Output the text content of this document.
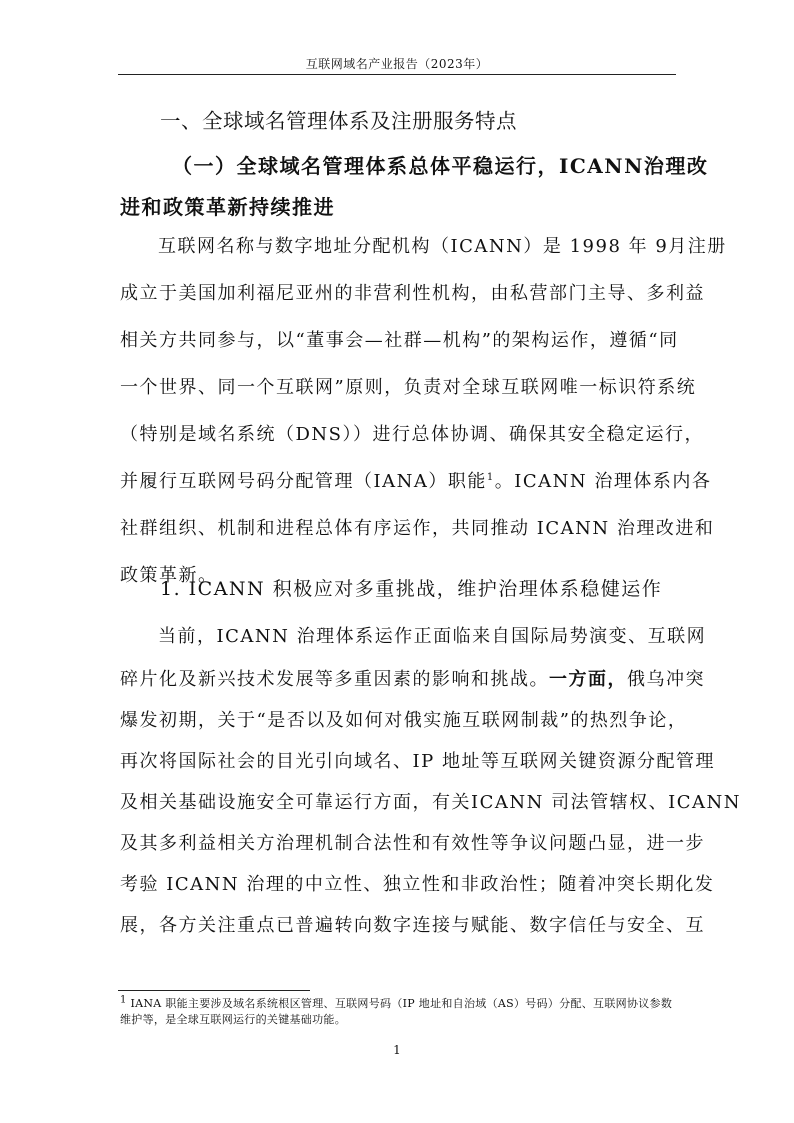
互联网域名产业报告（2023年）
一、全球域名管理体系及注册服务特点
（一）全球域名管理体系总体平稳运行，ICANN治理改
进和政策革新持续推进
互联网名称与数字地址分配机构（ICANN）是 1998 年 9月注册
成立于美国加利福尼亚州的非营利性机构，由私营部门主导、多利益
相关方共同参与，以“董事会—社群—机构”的架构运作，遵循“同
一个世界、同一个互联网”原则，负责对全球互联网唯一标识符系统
（特别是域名系统（DNS））进行总体协调、确保其安全稳定运行，
并履行互联网号码分配管理（IANA）职能$^1$。ICANN 治理体系内各
社群组织、机制和进程总体有序运作，共同推动 ICANN 治理改进和
政策革新。
1. ICANN 积极应对多重挑战，维护治理体系稳健运作
当前，ICANN 治理体系运作正面临来自国际局势演变、互联网
碎片化及新兴技术发展等多重因素的影响和挑战。一方面，俄乌冲突
爆发初期，关于“是否以及如何对俄实施互联网制裁”的热烈争论，
再次将国际社会的目光引向域名、IP 地址等互联网关键资源分配管理
及相关基础设施安全可靠运行方面，有关ICANN 司法管辖权、ICANN
及其多利益相关方治理机制合法性和有效性等争议问题凸显，进一步
考验 ICANN 治理的中立性、独立性和非政治性；随着冲突长期化发
展，各方关注重点已普遍转向数字连接与赋能、数字信任与安全、互
1 IANA 职能主要涉及域名系统根区管理、互联网号码（IP 地址和自治域（AS）号码）分配、互联网协议参数维护等，是全球互联网运行的关键基础功能。
1
